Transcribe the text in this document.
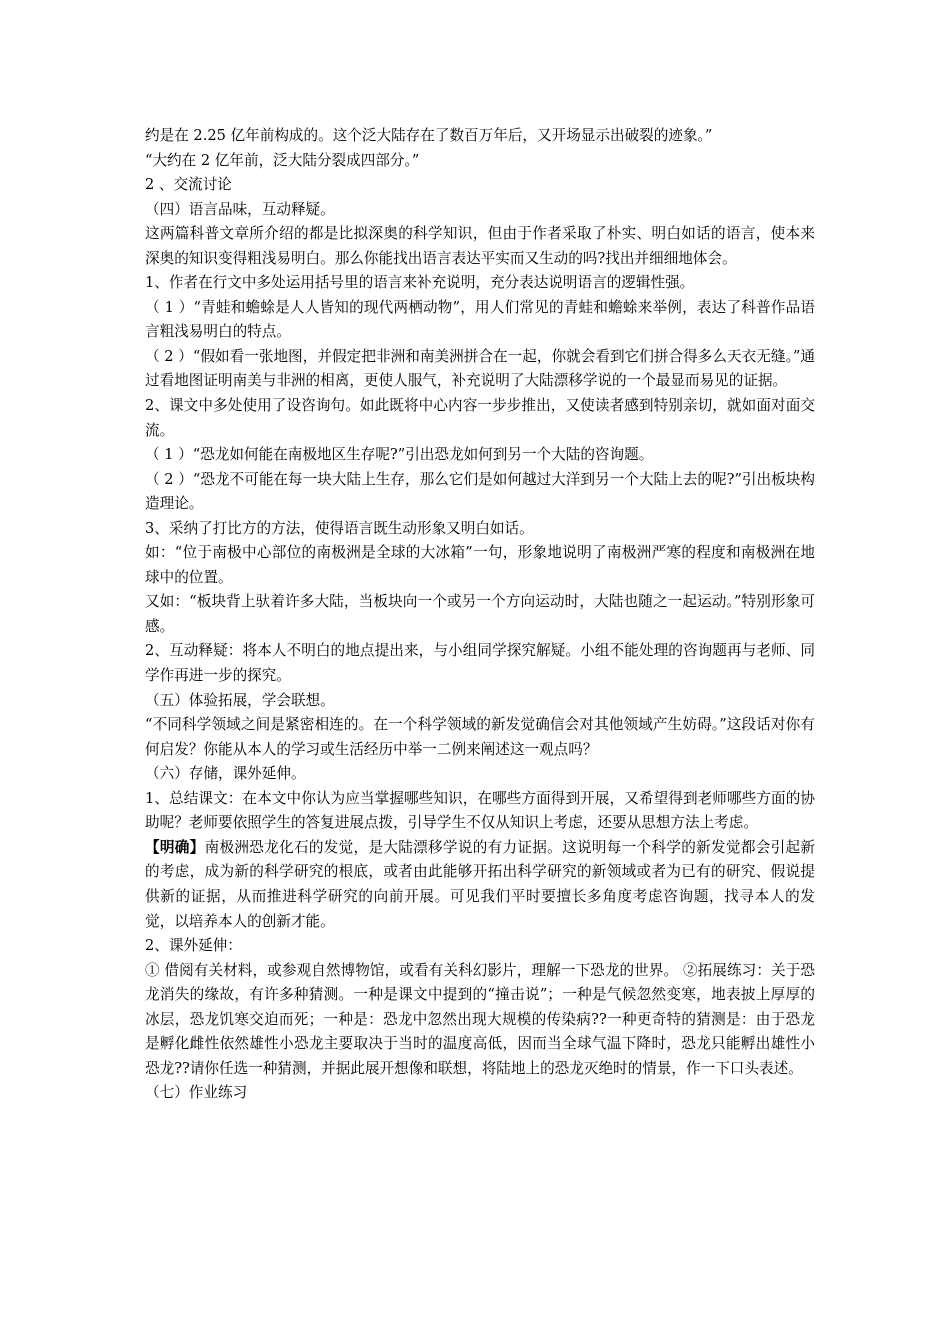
约是在 2.25 亿年前构成的。这个泛大陆存在了数百万年后，又开场显示出破裂的迹象。”

“大约在 2 亿年前，泛大陆分裂成四部分。”

2 、交流讨论

（四）语言品味，互动释疑。

这两篇科普文章所介绍的都是比拟深奥的科学知识，但由于作者采取了朴实、明白如话的语言，使本来深奥的知识变得粗浅易明白。那么你能找出语言表达平实而又生动的吗?找出并细细地体会。

1、作者在行文中多处运用括号里的语言来补充说明，充分表达说明语言的逻辑性强。

（ 1 ）“青蛙和蟾蜍是人人皆知的现代两栖动物”，用人们常见的青蛙和蟾蜍来举例，表达了科普作品语言粗浅易明白的特点。

（ 2 ）“假如看一张地图，并假定把非洲和南美洲拼合在一起，你就会看到它们拼合得多么天衣无缝。”通过看地图证明南美与非洲的相离，更使人服气，补充说明了大陆漂移学说的一个最显而易见的证据。

2、课文中多处使用了设咨询句。如此既将中心内容一步步推出，又使读者感到特别亲切，就如面对面交流。

（ 1 ）“恐龙如何能在南极地区生存呢?”引出恐龙如何到另一个大陆的咨询题。

（ 2 ）“恐龙不可能在每一块大陆上生存，那么它们是如何越过大洋到另一个大陆上去的呢?”引出板块构造理论。

3、采纳了打比方的方法，使得语言既生动形象又明白如话。

如：“位于南极中心部位的南极洲是全球的大冰箱”一句，形象地说明了南极洲严寒的程度和南极洲在地球中的位置。

又如：“板块背上驮着许多大陆，当板块向一个或另一个方向运动时，大陆也随之一起运动。”特别形象可感。

2、互动释疑：将本人不明白的地点提出来，与小组同学探究解疑。小组不能处理的咨询题再与老师、同学作再进一步的探究。

（五）体验拓展，学会联想。

“不同科学领域之间是紧密相连的。在一个科学领域的新发觉确信会对其他领域产生妨碍。”这段话对你有何启发？你能从本人的学习或生活经历中举一二例来阐述这一观点吗？

（六）存储，课外延伸。

1、总结课文：在本文中你认为应当掌握哪些知识，在哪些方面得到开展，又希望得到老师哪些方面的协助呢？老师要依照学生的答复进展点拨，引导学生不仅从知识上考虑，还要从思想方法上考虑。

【明确】南极洲恐龙化石的发觉，是大陆漂移学说的有力证据。这说明每一个科学的新发觉都会引起新的考虑，成为新的科学研究的根底，或者由此能够开拓出科学研究的新领域或者为已有的研究、假说提供新的证据，从而推进科学研究的向前开展。可见我们平时要擅长多角度考虑咨询题，找寻本人的发觉，以培养本人的创新才能。

2、课外延伸：

① 借阅有关材料，或参观自然博物馆，或看有关科幻影片，理解一下恐龙的世界。 ②拓展练习：关于恐龙消失的缘故，有许多种猜测。一种是课文中提到的“撞击说”；一种是气候忽然变寒，地表披上厚厚的冰层，恐龙饥寒交迫而死；一种是：恐龙中忽然出现大规模的传染病??一种更奇特的猜测是：由于恐龙是孵化雌性依然雄性小恐龙主要取决于当时的温度高低，因而当全球气温下降时，恐龙只能孵出雄性小恐龙??请你任选一种猜测，并据此展开想像和联想，将陆地上的恐龙灭绝时的情景，作一下口头表述。

（七）作业练习
